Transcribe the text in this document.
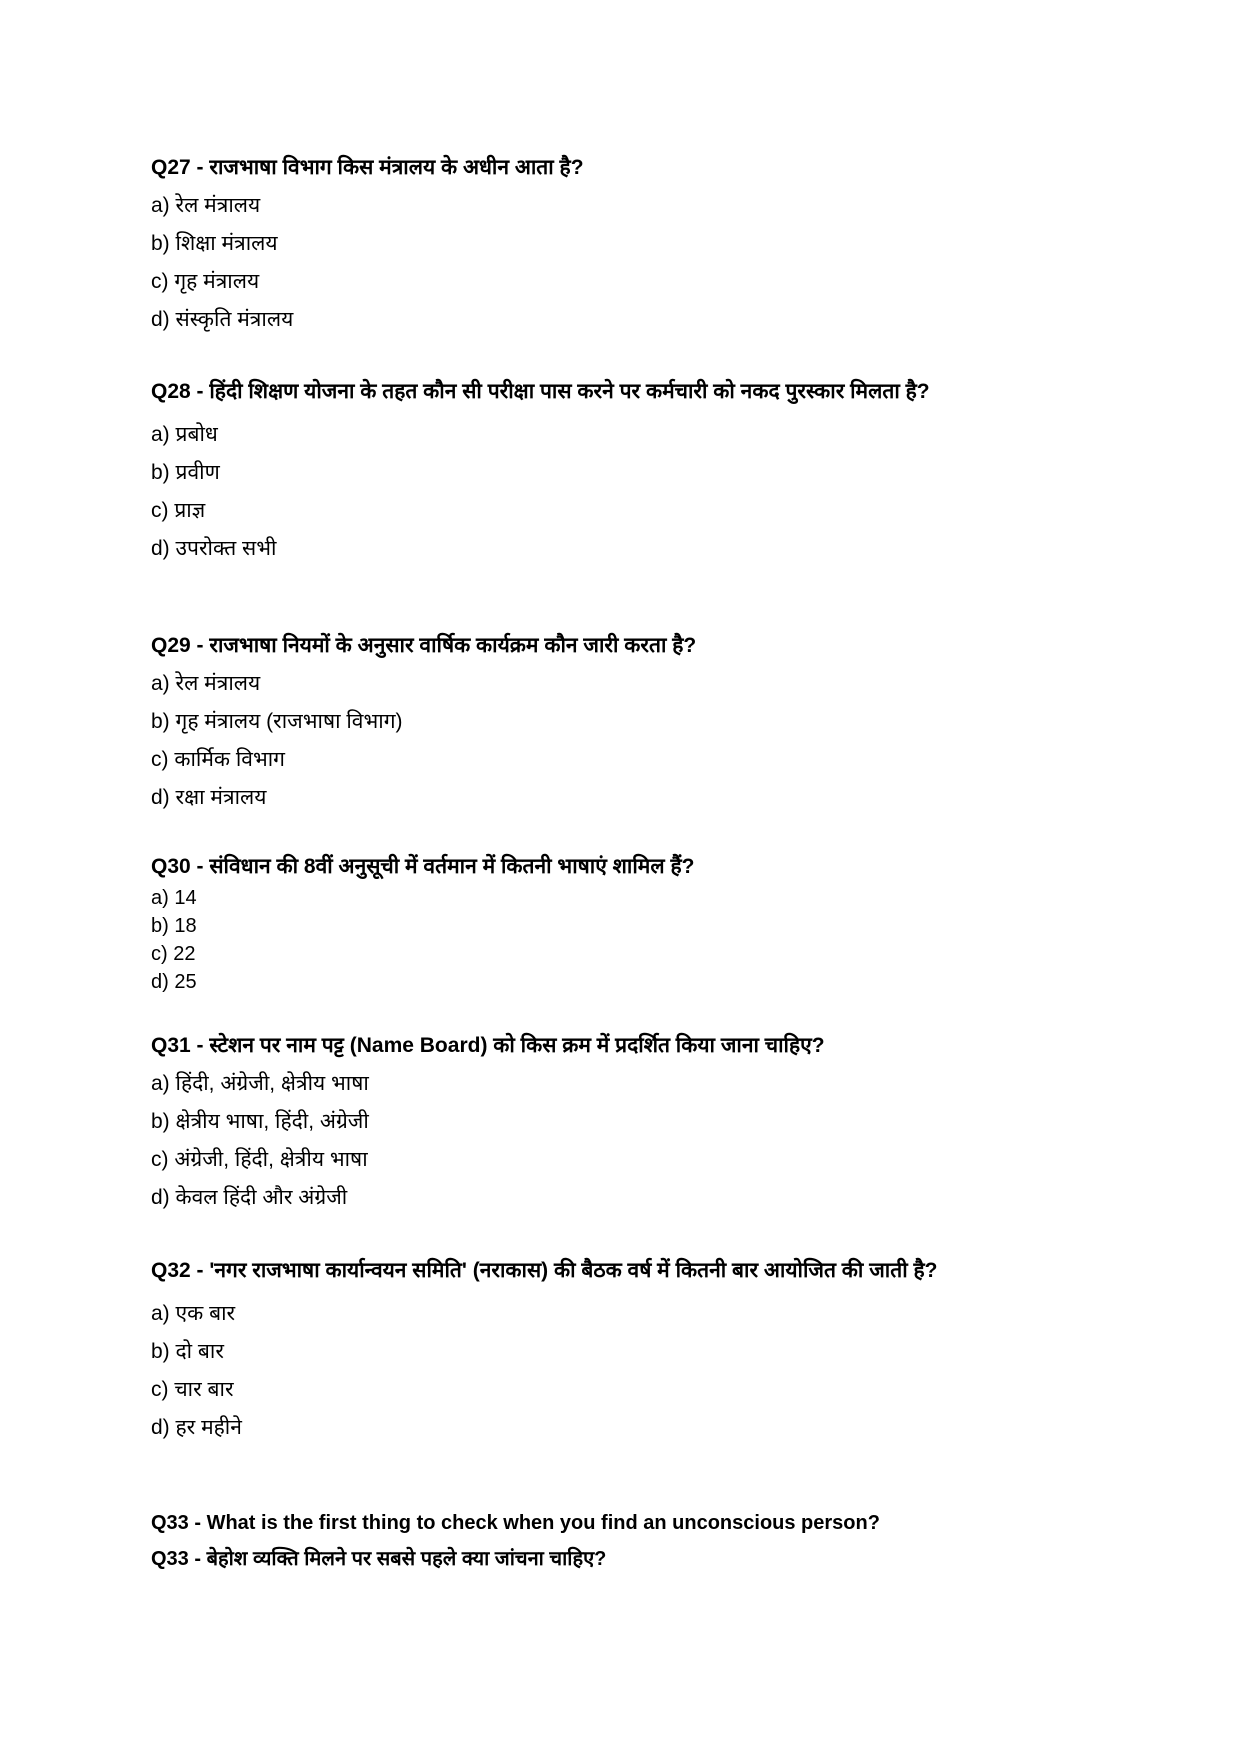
Q27 - राजभाषा विभाग किस मंत्रालय के अधीन आता है?

a) रेल मंत्रालय

b) शिक्षा मंत्रालय

c) गृह मंत्रालय

d) संस्कृति मंत्रालय

Q28 - हिंदी शिक्षण योजना के तहत कौन सी परीक्षा पास करने पर कर्मचारी को नकद पुरस्कार मिलता है?

a) प्रबोध

b) प्रवीण

c) प्राज्ञ

d) उपरोक्त सभी

Q29 - राजभाषा नियमों के अनुसार वार्षिक कार्यक्रम कौन जारी करता है?

a) रेल मंत्रालय

b) गृह मंत्रालय (राजभाषा विभाग)

c) कार्मिक विभाग

d) रक्षा मंत्रालय

Q30 - संविधान की 8वीं अनुसूची में वर्तमान में कितनी भाषाएं शामिल हैं?

a) 14

b) 18

c) 22

d) 25

Q31 - स्टेशन पर नाम पट्ट (Name Board) को किस क्रम में प्रदर्शित किया जाना चाहिए?

a) हिंदी, अंग्रेजी, क्षेत्रीय भाषा

b) क्षेत्रीय भाषा, हिंदी, अंग्रेजी

c) अंग्रेजी, हिंदी, क्षेत्रीय भाषा

d) केवल हिंदी और अंग्रेजी

Q32 - 'नगर राजभाषा कार्यान्वयन समिति' (नराकास) की बैठक वर्ष में कितनी बार आयोजित की जाती है?

a) एक बार

b) दो बार

c) चार बार

d) हर महीने

Q33 - What is the first thing to check when you find an unconscious person?

Q33 - बेहोश व्यक्ति मिलने पर सबसे पहले क्या जांचना चाहिए?
